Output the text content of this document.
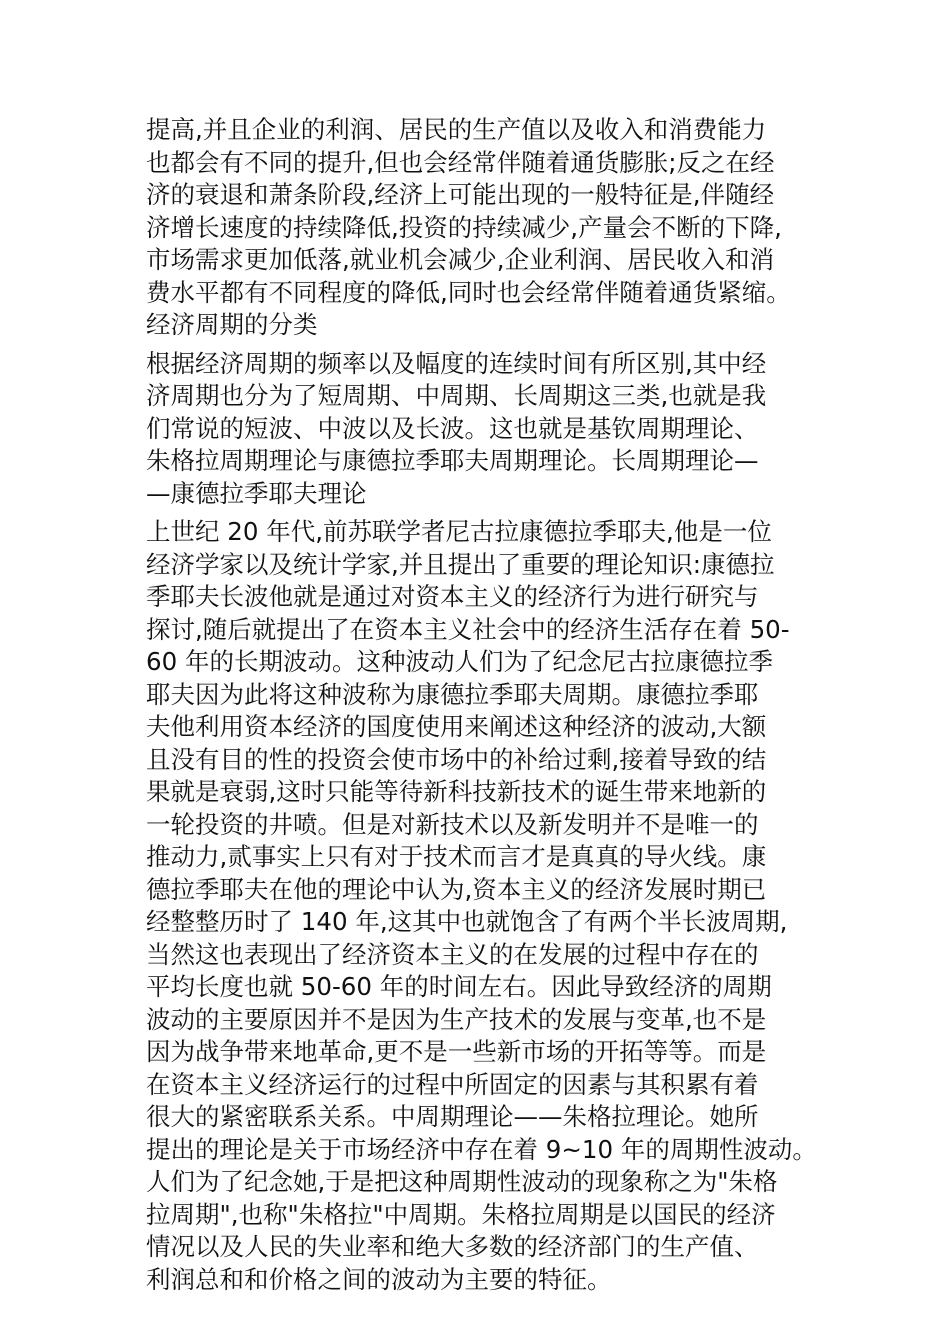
提高,并且企业的利润、居民的生产值以及收入和消费能力
也都会有不同的提升,但也会经常伴随着通货膨胀;反之在经
济的衰退和萧条阶段,经济上可能出现的一般特征是,伴随经
济增长速度的持续降低,投资的持续减少,产量会不断的下降,
市场需求更加低落,就业机会减少,企业利润、居民收入和消
费水平都有不同程度的降低,同时也会经常伴随着通货紧缩。
经济周期的分类
根据经济周期的频率以及幅度的连续时间有所区别,其中经
济周期也分为了短周期、中周期、长周期这三类,也就是我
们常说的短波、中波以及长波。这也就是基钦周期理论、
朱格拉周期理论与康德拉季耶夫周期理论。长周期理论—
—康德拉季耶夫理论
上世纪 20 年代,前苏联学者尼古拉康德拉季耶夫,他是一位
经济学家以及统计学家,并且提出了重要的理论知识:康德拉
季耶夫长波他就是通过对资本主义的经济行为进行研究与
探讨,随后就提出了在资本主义社会中的经济生活存在着 50-
60 年的长期波动。这种波动人们为了纪念尼古拉康德拉季
耶夫因为此将这种波称为康德拉季耶夫周期。康德拉季耶
夫他利用资本经济的国度使用来阐述这种经济的波动,大额
且没有目的性的投资会使市场中的补给过剩,接着导致的结
果就是衰弱,这时只能等待新科技新技术的诞生带来地新的
一轮投资的井喷。但是对新技术以及新发明并不是唯一的
推动力,贰事实上只有对于技术而言才是真真的导火线。康
德拉季耶夫在他的理论中认为,资本主义的经济发展时期已
经整整历时了 140 年,这其中也就饱含了有两个半长波周期,
当然这也表现出了经济资本主义的在发展的过程中存在的
平均长度也就 50-60 年的时间左右。因此导致经济的周期
波动的主要原因并不是因为生产技术的发展与变革,也不是
因为战争带来地革命,更不是一些新市场的开拓等等。而是
在资本主义经济运行的过程中所固定的因素与其积累有着
很大的紧密联系关系。中周期理论——朱格拉理论。她所
提出的理论是关于市场经济中存在着 9~10 年的周期性波动。
人们为了纪念她,于是把这种周期性波动的现象称之为"朱格
拉周期",也称"朱格拉"中周期。朱格拉周期是以国民的经济
情况以及人民的失业率和绝大多数的经济部门的生产值、
利润总和和价格之间的波动为主要的特征。
